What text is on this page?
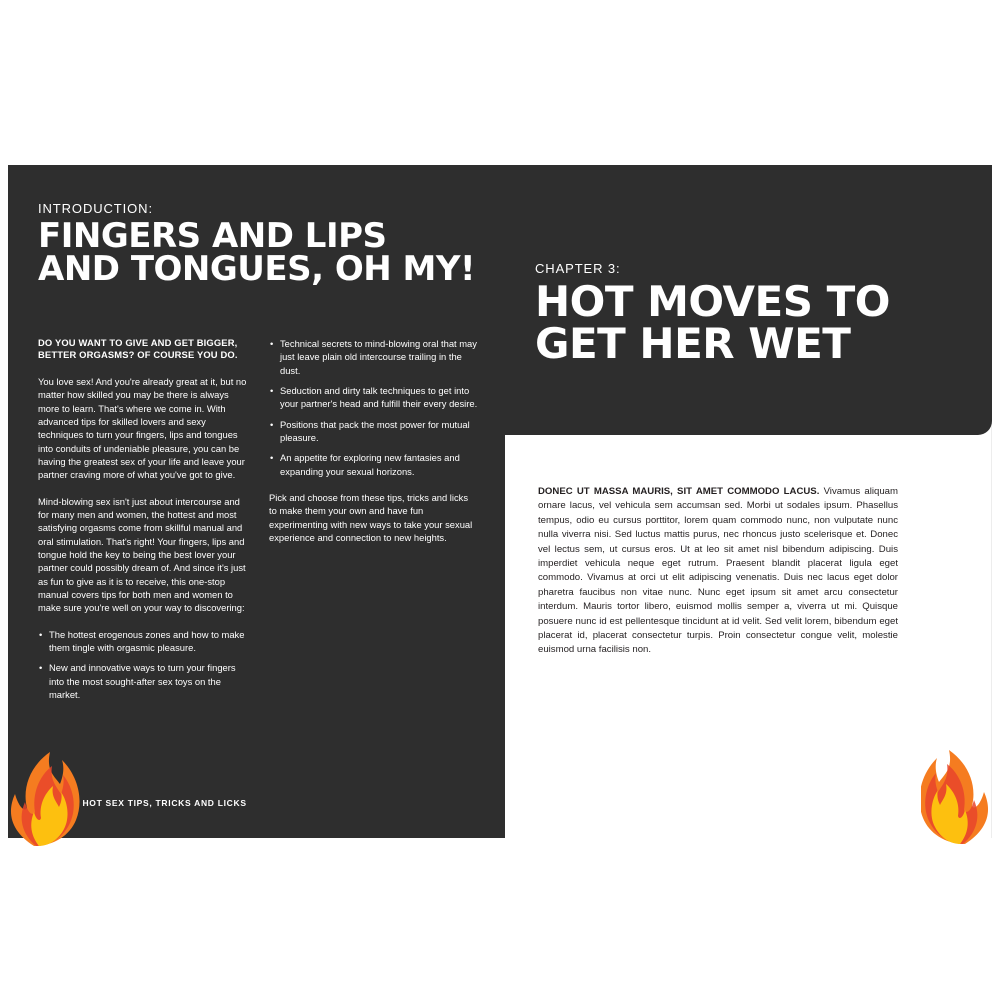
INTRODUCTION:
FINGERS AND LIPS
AND TONGUES, OH MY!

DO YOU WANT TO GIVE AND GET BIGGER, BETTER ORGASMS? OF COURSE YOU DO.

You love sex! And you're already great at it, but no matter how skilled you may be there is always more to learn. That's where we come in. With advanced tips for skilled lovers and sexy techniques to turn your fingers, lips and tongues into conduits of undeniable pleasure, you can be having the greatest sex of your life and leave your partner craving more of what you've got to give.

Mind-blowing sex isn't just about intercourse and for many men and women, the hottest and most satisfying orgasms come from skillful manual and oral stimulation. That's right! Your fingers, lips and tongue hold the key to being the best lover your partner could possibly dream of. And since it's just as fun to give as it is to receive, this one-stop manual covers tips for both men and women to make sure you're well on your way to discovering:

• The hottest erogenous zones and how to make them tingle with orgasmic pleasure.
• New and innovative ways to turn your fingers into the most sought-after sex toys on the market.
• Technical secrets to mind-blowing oral that may just leave plain old intercourse trailing in the dust.
• Seduction and dirty talk techniques to get into your partner's head and fulfill their every desire.
• Positions that pack the most power for mutual pleasure.
• An appetite for exploring new fantasies and expanding your sexual horizons.

Pick and choose from these tips, tricks and licks to make them your own and have fun experimenting with new ways to take your sexual experience and connection to new heights.

HOT SEX TIPS, TRICKS AND LICKS
CHAPTER 3:
HOT MOVES TO
GET HER WET
DONEC UT MASSA MAURIS, SIT AMET COMMODO LACUS. Vivamus aliquam ornare lacus, vel vehicula sem accumsan sed. Morbi ut sodales ipsum. Phasellus tempus, odio eu cursus porttitor, lorem quam commodo nunc, non vulputate nunc nulla viverra nisi. Sed luctus mattis purus, nec rhoncus justo scelerisque et. Donec vel lectus sem, ut cursus eros. Ut at leo sit amet nisl bibendum adipiscing. Duis imperdiet vehicula neque eget rutrum. Praesent blandit placerat ligula eget commodo. Vivamus at orci ut elit adipiscing venenatis. Duis nec lacus eget dolor pharetra faucibus non vitae nunc. Nunc eget ipsum sit amet arcu consectetur interdum. Mauris tortor libero, euismod mollis semper a, viverra ut mi. Quisque posuere nunc id est pellentesque tincidunt at id velit. Sed velit lorem, bibendum eget placerat id, placerat consectetur turpis. Proin consectetur congue velit, molestie euismod urna facilisis non.
